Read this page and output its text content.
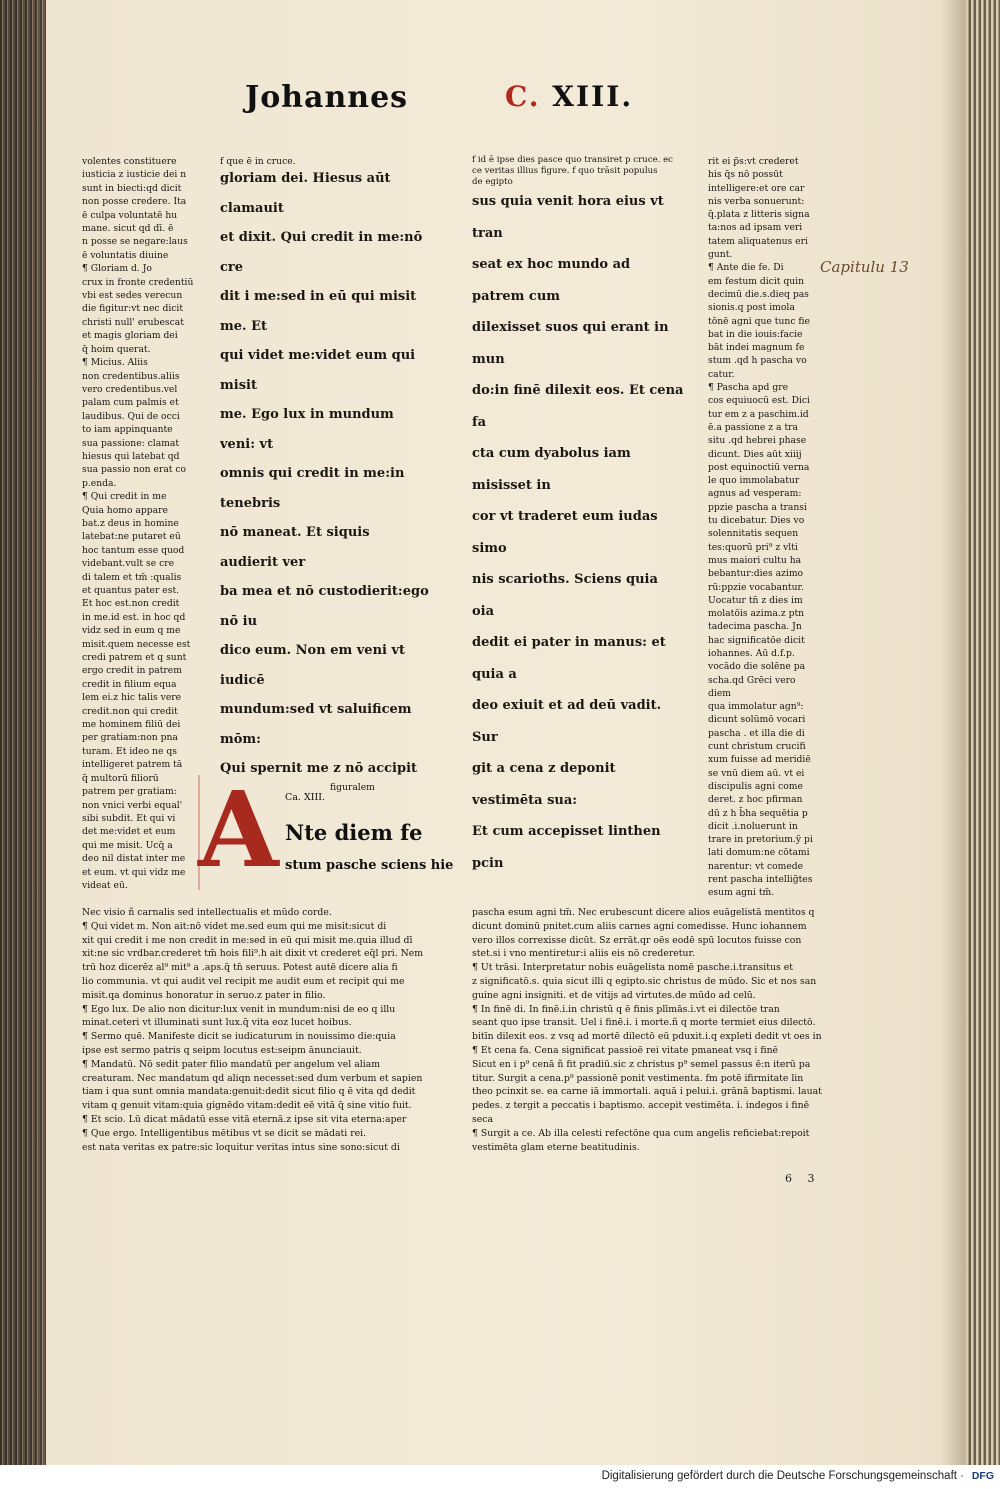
Johannes	C. XIII.
Capitulu 13
volentes constituere
iusticia z iusticie dei n
sunt in biecti:qd dicit
non posse credere. Ita
ē culpa voluntatē hu
mane. sicut qd dī. ē
n posse se negare:laus
ē voluntatis diuine
¶ Gloriam d. Jo
crux in fronte credentiū
vbi est sedes verecun
die figitur:vt nec dicit
christi null' erubescat
et magis gloriam dei
q̄ hoim querat.
¶ Micius. Aliis
non credentibus.aliis
vero credentibus.vel
palam cum palmis et
laudibus. Qui de occi
to iam appinquante
sua passione: clamat
hiesus qui latebat qd
sua passio non erat co
p.enda.
¶ Qui credit in me
Quia homo appare
bat.z deus in homine
latebat:ne putaret eū
hoc tantum esse quod
videbant.vult se cre
di talem et tm̄ :qualis
et quantus pater est.
Et hoc est.non credit
in me.id est. in hoc qd
vidz sed in eum q me
misit.quem necesse est
credi patrem et q sunt
ergo credit in patrem
credit in filium equa
lem ei.z hic talis vere
credit.non qui credit
me hominem filiū dei
per gratiam:non pna
turam. Et ideo ne qs
intelligeret patrem tā
q̄ multorū filiorū
patrem per gratiam:
non vnici verbi equal'
sibi subdit. Et qui vi
det me:videt et eum
qui me misit. Ucq̄ a
deo nil distat inter me
et eum. vt qui vidz me
videat eū.
f que ē in cruce.
gloriam dei. Hiesus aūt clamauit
et dixit. Qui credit in me:nō cre
dit i me:sed in eū qui misit me. Et
qui videt me:videt eum qui misit
me. Ego lux in mundum veni: vt
omnis qui credit in me:in tenebris
nō maneat. Et siquis audierit ver
ba mea et nō custodierit:ego nō iu
dico eum. Non em veni vt iudicē
mundum:sed vt saluificem mōm:
Qui spernit me z nō accipit

A Ca. XIII.
figuralem
Nte diem fe
stum pasche sciens hie
f id ē ipse dies pasce quo transiret p cruce. ec
ce veritas illius figure. f quo trāsit populus
de egipto
sus quia venit hora eius vt tran
seat ex hoc mundo ad patrem cum
dilexisset suos qui erant in mun
do:in finē dilexit eos. Et cena fa
cta cum dyabolus iam misisset in
cor vt traderet eum iudas simo
nis scarioths. Sciens quia oia
dedit ei pater in manus: et quia a
deo exiuit et ad deū vadit. Sur
git a cena z deponit vestimēta sua:
Et cum accepisset linthen pcin

rit ei p̄s:vt crederet
his q̄s nō possūt
intelligere:et ore car
nis verba sonuerunt:
q̄.plata z litteris signa
ta:nos ad ipsam veri
tatem aliquatenus eri
gunt.
¶ Ante die fe. Di
em festum dicit quin
decimū die.s.dieq pas
sionis.q post imola
tōnē agni que tunc fie
bat in die iouis:facie
bāt indei magnum fe
stum .qd h pascha vo
catur.
¶ Pascha apd gre
cos equiuocū est. Dici
tur em z a paschim.id
ē.a passione z a tra
situ .qd hebrei phase
dicunt. Dies aūt xiiij
post equinoctiū verna
le quo immolabatur
agnus ad vesperam:
ppzie pascha a transi
tu dicebatur. Dies vo
solennitatis sequen
tes:quorū pri⁹ z vlti
mus maiori cultu ha
bebantur:dies azimo
rū:ppzie vocabantur.
Uocatur tn̄ z dies im
molatōis azima.z ptn
tadecima pascha. Jn
hac significatōe dicit
iohannes. Aū d.f.p.
vocādo die solēne pa
scha.qd Grēci vero diem
qua immolatur agn⁹:
dicunt solūmō vocari
pascha . et illa die di
cunt christum crucifi
xum fuisse ad meridiē
se vnū diem aū. vt ei
discipulis agni come
deret. z hoc pfirman
dū z h b̄ha sequētia p
dicit .i.noluerunt in
trare in pretorium.ȳ pi
lati domum:ne cōtami
narentur: vt comede
rent pascha intellig̃tes
esum agni tm̄.
Nec visio ñ carnalis sed intellectualis et mūdo corde.
¶ Qui videt m. Non ait:nō videt me.sed eum qui me misit:sicut di
xit qui credit i me non credit in me:sed in eū qui misit me.quia illud dī
xit:ne sic vrdbar.crederet tm̄ hois fili⁹.h ait dixit vt crederet eq̄l pri. Nem
trū hoz dicerēz al⁹ mit⁹ a .aps.q̃ tn̄ seruus. Potest autē dicere alia fi
lio communia. vt qui audit vel recipit me audit eum et recipit qui me
misit.qa dominus honoratur in seruo.z pater in filio.
¶ Ego lux. De alio non dicitur:lux venit in mundum:nisi de eo q illu
minat.ceteri vt illuminati sunt lux.q̄ vita eoz lucet hoibus.
¶ Sermo quē. Manifeste dicit se iudicaturum in nouissimo die:quia
ipse est sermo patris q seipm locutus est:seipm ānunciauit.
¶ Mandatū. Nō sedit pater filio mandatū per angelum vel aliam
creaturam. Nec mandatum qd aliqn necesset:sed dum verbum et sapien
tiam i qua sunt omnia mandata:genuit:dedit sicut filio q ē vita qd dedit
vitam q genuit vitam:quia gignēdo vitam:dedit eē vitā q̄ sine vitio fuit.
¶ Et scio. Lū dicat mādatū esse vitā eternā.z ipse sit vita eterna:aper
¶ Que ergo. Intelligentibus mētibus vt se dicit se mādati rei.
est nata veritas ex patre:sic loquitur veritas intus sine sono:sicut di
pascha esum agni tm̄. Nec erubescunt dicere alios euāgelistā mentitos q
dicunt dominū pnitet.cum aliis carnes agni comedisse. Hunc iohannem
vero illos correxisse dicūt. Sz errāt.qr oēs eodē spū locutos fuisse con
stet.si i vno mentiretur:i aliis eis nō crederetur.
¶ Ut trāsi. Interpretatur nobis euāgelista nomē pasche.i.transitus et
z significatō.s. quia sicut illi q egipto.sic christus de mūdo. Sic et nos san
guine agni insigniti. et de vitijs ad virtutes.de mūdo ad celū.
¶ In finē di. In finē.i.in christū q ē finis plīmās.i.vt ei dilectōe tran
seant quo ipse transit. Uel i finē.i. i morte.ñ q morte termiet eius dilectō.
bitīn dilexit eos. z vsq ad mortē dilectō eū pduxit.i.q expleti dedit vt oes in
¶ Et cena fa. Cena significat passioē rei vitate pmaneat vsq i finē
Sicut en i p⁹ cenā ñ fit pradiū.sic z christus p⁹ semel passus ē:n iterū pa
titur. Surgit a cena.p⁹ passionē ponit vestimenta. fm potē ifirmitate lin
theo pcinxit se. ea carne iā immortali. aquā i pelui.i. grānā baptismi. lauat
pedes. z tergit a peccatis i baptismo. accepit vestimēta. i. indegos i finē seca
¶ Surgit a ce. Ab illa celesti refectōne qua cum angelis reficiebat:repoit
vestimēta glam eterne beatitudinis.
6 3
Digitalisierung gefördert durch die Deutsche Forschungsgemeinschaft · DFG
